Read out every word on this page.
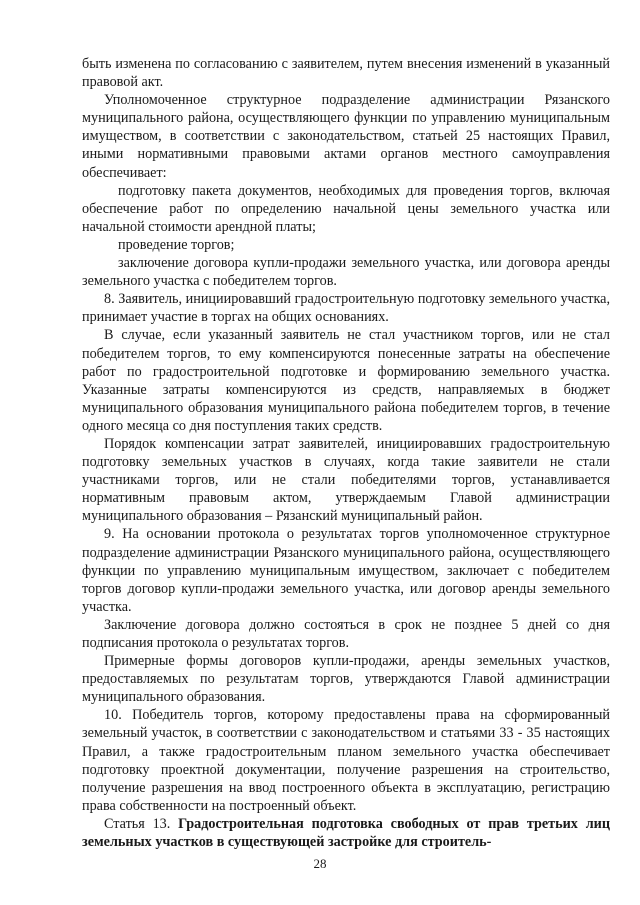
быть изменена по согласованию с заявителем, путем внесения изменений в указанный правовой акт.

Уполномоченное структурное подразделение администрации Рязанского муниципального района, осуществляющего функции по управлению муниципальным имуществом, в соответствии с законодательством, статьей 25 настоящих Правил, иными нормативными правовыми актами органов местного самоуправления обеспечивает:

подготовку пакета документов, необходимых для проведения торгов, включая обеспечение работ по определению начальной цены земельного участка или начальной стоимости арендной платы;

проведение торгов;

заключение договора купли-продажи земельного участка, или договора аренды земельного участка с победителем торгов.

8. Заявитель, инициировавший градостроительную подготовку земельного участка, принимает участие в торгах на общих основаниях.

В случае, если указанный заявитель не стал участником торгов, или не стал победителем торгов, то ему компенсируются понесенные затраты на обеспечение работ по градостроительной подготовке и формированию земельного участка. Указанные затраты компенсируются из средств, направляемых в бюджет муниципального образования муниципального района победителем торгов, в течение одного месяца со дня поступления таких средств.

Порядок компенсации затрат заявителей, инициировавших градостроительную подготовку земельных участков в случаях, когда такие заявители не стали участниками торгов, или не стали победителями торгов, устанавливается нормативным правовым актом, утверждаемым Главой администрации муниципального образования – Рязанский муниципальный район.

9. На основании протокола о результатах торгов уполномоченное структурное подразделение администрации Рязанского муниципального района, осуществляющего функции по управлению муниципальным имуществом, заключает с победителем торгов договор купли-продажи земельного участка, или договор аренды земельного участка.

Заключение договора должно состояться в срок не позднее 5 дней со дня подписания протокола о результатах торгов.

Примерные формы договоров купли-продажи, аренды земельных участков, предоставляемых по результатам торгов, утверждаются Главой администрации муниципального образования.

10. Победитель торгов, которому предоставлены права на сформированный земельный участок, в соответствии с законодательством и статьями 33 - 35 настоящих Правил, а также градостроительным планом земельного участка обеспечивает подготовку проектной документации, получение разрешения на строительство, получение разрешения на ввод построенного объекта в эксплуатацию, регистрацию права собственности на построенный объект.

Статья 13. Градостроительная подготовка свободных от прав третьих лиц земельных участков в существующей застройке для строитель-

28
